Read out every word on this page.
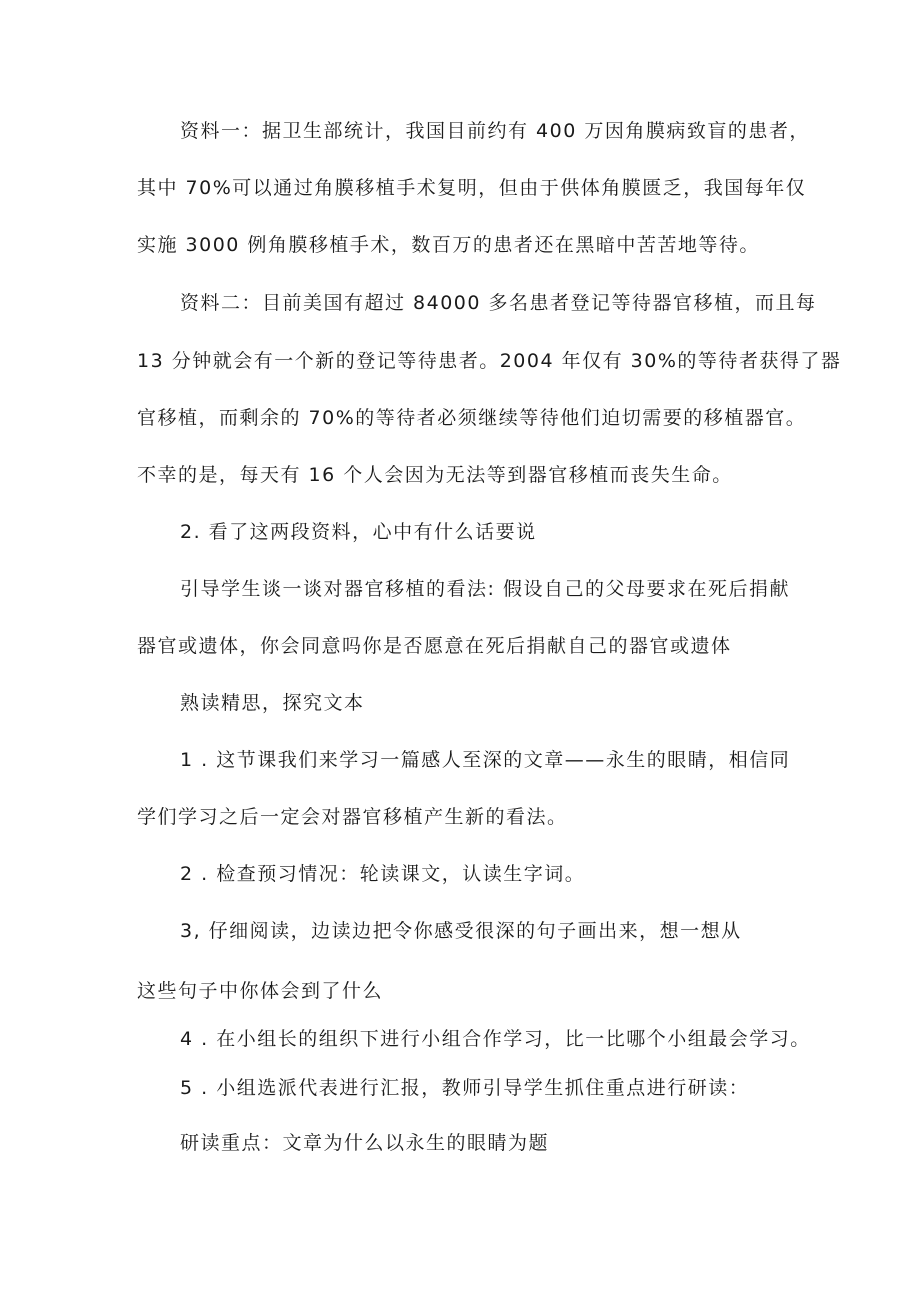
资料一：据卫生部统计，我国目前约有 400 万因角膜病致盲的患者，
其中 70%可以通过角膜移植手术复明，但由于供体角膜匮乏，我国每年仅
实施 3000 例角膜移植手术，数百万的患者还在黑暗中苦苦地等待。
资料二：目前美国有超过 84000 多名患者登记等待器官移植，而且每
13 分钟就会有一个新的登记等待患者。2004 年仅有 30%的等待者获得了器
官移植，而剩余的 70%的等待者必须继续等待他们迫切需要的移植器官。
不幸的是，每天有 16 个人会因为无法等到器官移植而丧失生命。
2. 看了这两段资料，心中有什么话要说
引导学生谈一谈对器官移植的看法: 假设自己的父母要求在死后捐献
器官或遗体，你会同意吗你是否愿意在死后捐献自己的器官或遗体
熟读精思，探究文本
1 . 这节课我们来学习一篇感人至深的文章——永生的眼睛，相信同
学们学习之后一定会对器官移植产生新的看法。
2 . 检查预习情况：轮读课文，认读生字词。
3, 仔细阅读，边读边把令你感受很深的句子画出来，想一想从
这些句子中你体会到了什么
4 . 在小组长的组织下进行小组合作学习，比一比哪个小组最会学习。
5 . 小组选派代表进行汇报，教师引导学生抓住重点进行研读：
研读重点：文章为什么以永生的眼睛为题
